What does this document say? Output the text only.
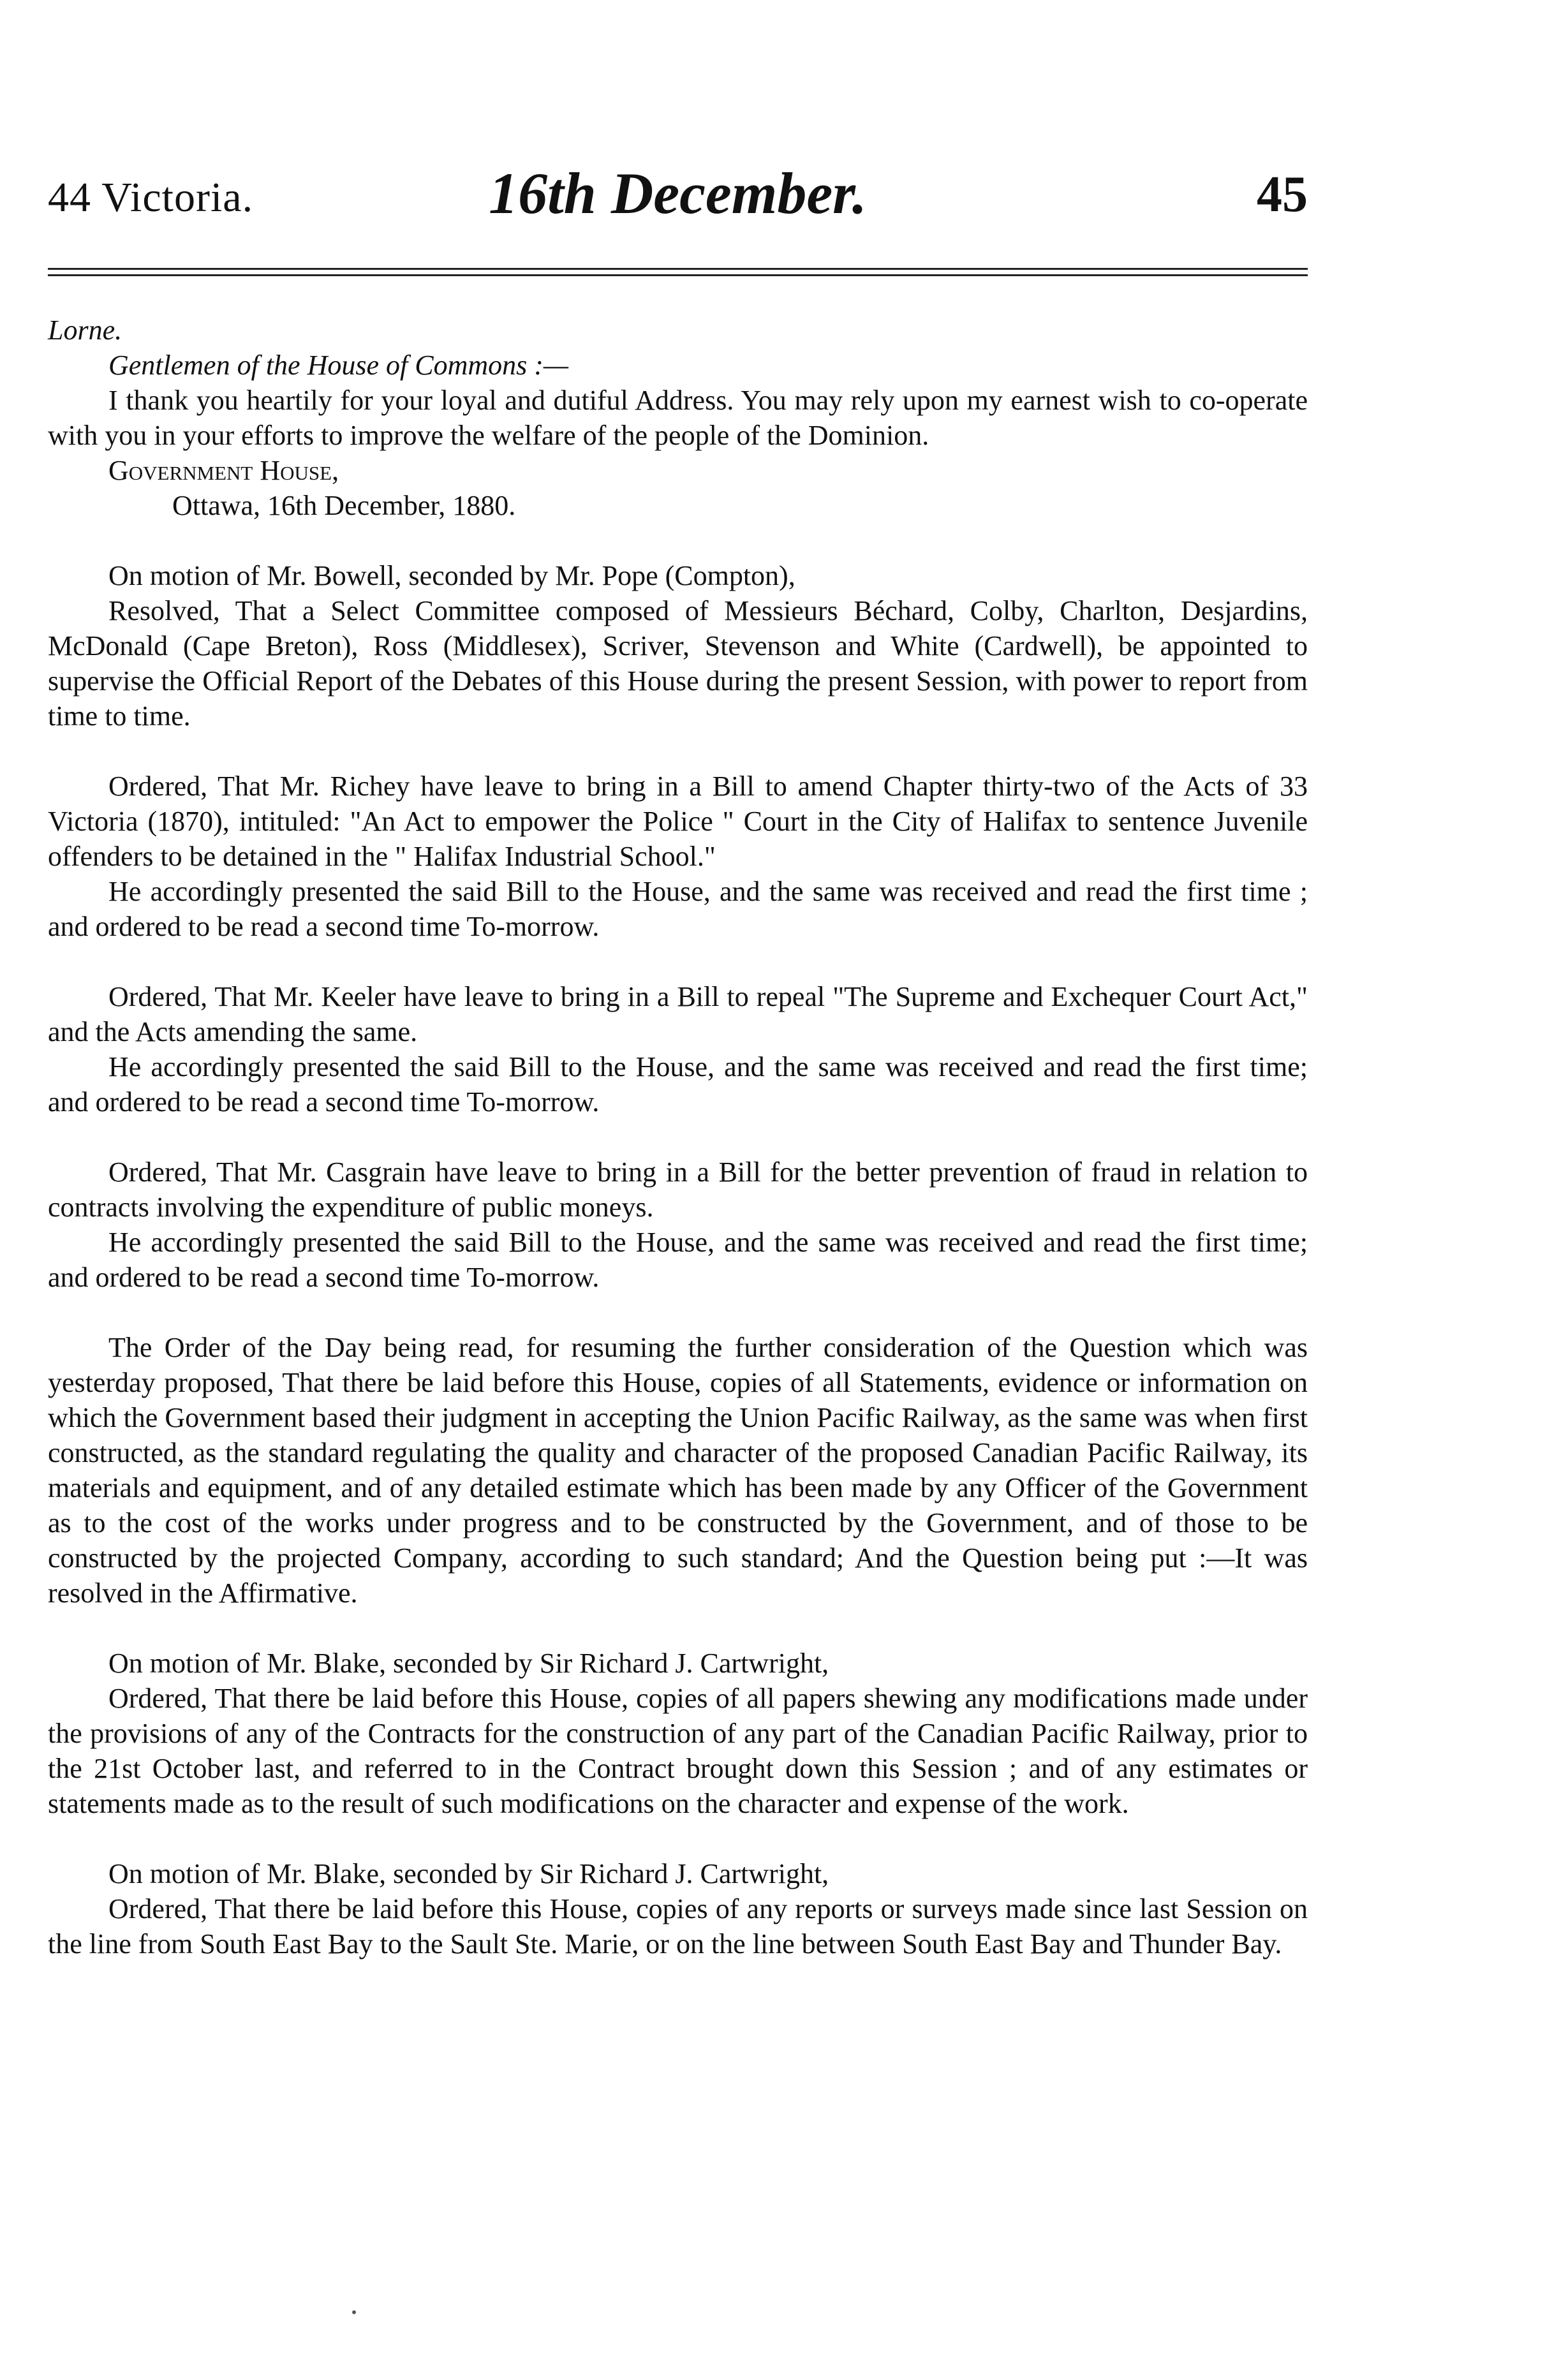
44 Victoria.	16th December.	45

Lorne.

Gentlemen of the House of Commons :—

I thank you heartily for your loyal and dutiful Address. You may rely upon my earnest wish to co-operate with you in your efforts to improve the welfare of the people of the Dominion.

Government House,

Ottawa, 16th December, 1880.

On motion of Mr. Bowell, seconded by Mr. Pope (Compton),

Resolved, That a Select Committee composed of Messieurs Béchard, Colby, Charlton, Desjardins, McDonald (Cape Breton), Ross (Middlesex), Scriver, Stevenson and White (Cardwell), be appointed to supervise the Official Report of the Debates of this House during the present Session, with power to report from time to time.

Ordered, That Mr. Richey have leave to bring in a Bill to amend Chapter thirty-two of the Acts of 33 Victoria (1870), intituled: "An Act to empower the Police " Court in the City of Halifax to sentence Juvenile offenders to be detained in the " Halifax Industrial School."

He accordingly presented the said Bill to the House, and the same was received and read the first time ; and ordered to be read a second time To-morrow.

Ordered, That Mr. Keeler have leave to bring in a Bill to repeal "The Supreme and Exchequer Court Act," and the Acts amending the same.

He accordingly presented the said Bill to the House, and the same was received and read the first time; and ordered to be read a second time To-morrow.

Ordered, That Mr. Casgrain have leave to bring in a Bill for the better prevention of fraud in relation to contracts involving the expenditure of public moneys.

He accordingly presented the said Bill to the House, and the same was received and read the first time; and ordered to be read a second time To-morrow.

The Order of the Day being read, for resuming the further consideration of the Question which was yesterday proposed, That there be laid before this House, copies of all Statements, evidence or information on which the Government based their judgment in accepting the Union Pacific Railway, as the same was when first constructed, as the standard regulating the quality and character of the proposed Canadian Pacific Railway, its materials and equipment, and of any detailed estimate which has been made by any Officer of the Government as to the cost of the works under progress and to be constructed by the Government, and of those to be constructed by the projected Company, according to such standard; And the Question being put :—It was resolved in the Affirmative.

On motion of Mr. Blake, seconded by Sir Richard J. Cartwright,

Ordered, That there be laid before this House, copies of all papers shewing any modifications made under the provisions of any of the Contracts for the construction of any part of the Canadian Pacific Railway, prior to the 21st October last, and referred to in the Contract brought down this Session ; and of any estimates or statements made as to the result of such modifications on the character and expense of the work.

On motion of Mr. Blake, seconded by Sir Richard J. Cartwright,

Ordered, That there be laid before this House, copies of any reports or surveys made since last Session on the line from South East Bay to the Sault Ste. Marie, or on the line between South East Bay and Thunder Bay.
